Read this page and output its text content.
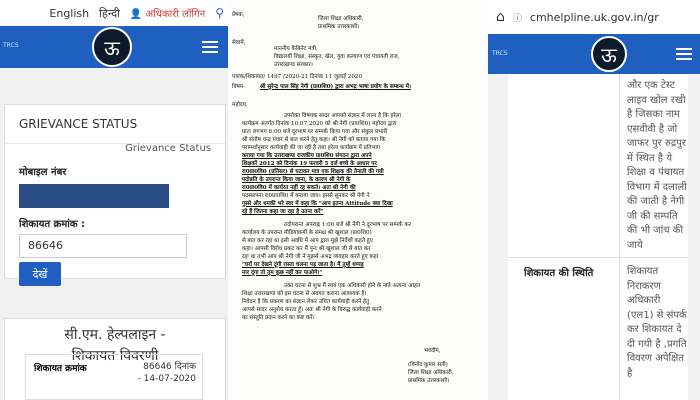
English हिन्दी 👤 अधिकारी लॉगिन ⚲
ऊ
TRCS
GRIEVANCE STATUS
Grievance Status
मोबाइल नंबर
शिकायत क्रमांक :
86646
देखें
सी.एम. हेल्पलाइन -
शिकायत विवरणी
शिकायत क्रमांक	86646 दिनांक
- 14-07-2020
प्रेषक,
जिला शिक्षा अधिकारी,
प्राथमिक उत्तरकाशी।
सेवामें,
माननीय कैबिनेट मंत्री,
विद्यालयी शिक्षा, संस्कृत, खेल, युवा कल्याण एवं पंचायती राज,
उत्तराखण्ड सरकार।
पत्रांक/शिकायत/ 1497 /2020-21 दिनांक 11 जुलाई 2020
विषय-	श्री सुरेन्द्र पाल सिंह नेगी (प्रा0शि0) द्वारा अभद्र भाषा प्रयोग के सम्बन्ध में।
महोदय,
उपरोक्त विषयक सादर आपको संज्ञान में लाना है कि हरेला
कार्यक्रम अंतर्गत दिनांक 10.07.2020 को श्री नेगी (प्रा0शि0) महोदय द्वारा
प्रातः लगभग 8:00 बजे दूरभाष पर सम्पर्क किया गया और संकुल प्रभारी
श्री संतोष चन्द्र पंवार से बात करने हेतु कहा। श्री नेगी को बताया गया कि
परामर्शानुसार कार्यवाही की जा रही है तथा हरेला कार्यक्रम में प्रतिभाग
कराया गया कि उत्तराखण्ड राजकीय प्रा0शि0 संगठन द्वारा अपने
शिक्षकों 2012 को दिनांक 19 फरवरी 5 दर्ज बच्चे के आधार पर
रा0प्रा0वि0 (प्रतिसर) से घटाकर मात्र एक शिक्षक की तैनाती की गयी
पदोन्नति के उपरान्त किया जाना, के कारण श्री नेगी के
रा0प्रा0वि0 में कार्यरत नहीं रह सकते। अतः श्री नेगी की
पदस्थापना रा0प्रा0वि0 में कराया जाय। इससे सुनकर श्री नेगी ने
गुस्से और धमकी भरे स्वर में कहा कि "आप इतना Attitude क्या दिखा
रहे हैं जितना कहा जा रहा है उतना करें"
तदोपरान्त अपराह्न 1:00 बजे श्री नेगी ने दूरभाष पर सम्पर्क कर
कार्यालय के उपरान्त मीडियाकर्मी के समक्ष श्री खुशाल (प्रा0शि0)
से बात कर रहा था इसी अवधि में आप द्वारा मुझे निर्देशों कहते हुए
कहा। आपसी विरोध प्रकट कर मैं पुनः श्री खुशाल जी से बात कर
रहा था तभी आप श्री नेगी जी ने मुझसे अभद्र व्यवहार करते हुए कहा
"घरों पर देखने दूंगी रास्ता चलना पड़ जाता है। मैं तुम्हें थप्पड़
मार दूंगा तो तुम कुछ नहीं कर पाओगे।"
उक्त घटना से शुभ्र मैं स्वयं एक अधिकारी होने के नाते अत्यन्त आहत
शिक्षा उत्तराखण्ड को इस घटना से अवगत कराना आवश्यक है।
निवेदन है कि प्रकरण का संज्ञान लेकर उचित कार्यवाही करने हेतु
आपसे सादर अनुरोध करता हूँ। अतः श्री नेगी के विरुद्ध कार्यवाही करने
का संस्तुति प्रदान करने का कष्ट करें।
भवदीय,
(विनोद कुमार सती)
जिला शिक्षा अधिकारी,
प्राथमिक उत्तरकाशी।
⌂ ⓘ cmhelpline.uk.gov.in/gr
ऊ
TRCS
और एक टेस्ट
लाइव खोल रखी
है जिसका नाम
एसवीवी है जो
जाफर पुर रुद्रपुर
में स्थित है ये
शिक्षा व पंचायत
विभाग में दलाली
की जाती है नेगी
जी की सम्पति
की भी जांच की
जाये
शिकायत की स्थिति	शिकायत
निराकरण
अधिकारी
(एल1) से संपर्क
कर शिकायत दे
दी गयी है ,प्रगति
विवरण अपेक्षित
है
